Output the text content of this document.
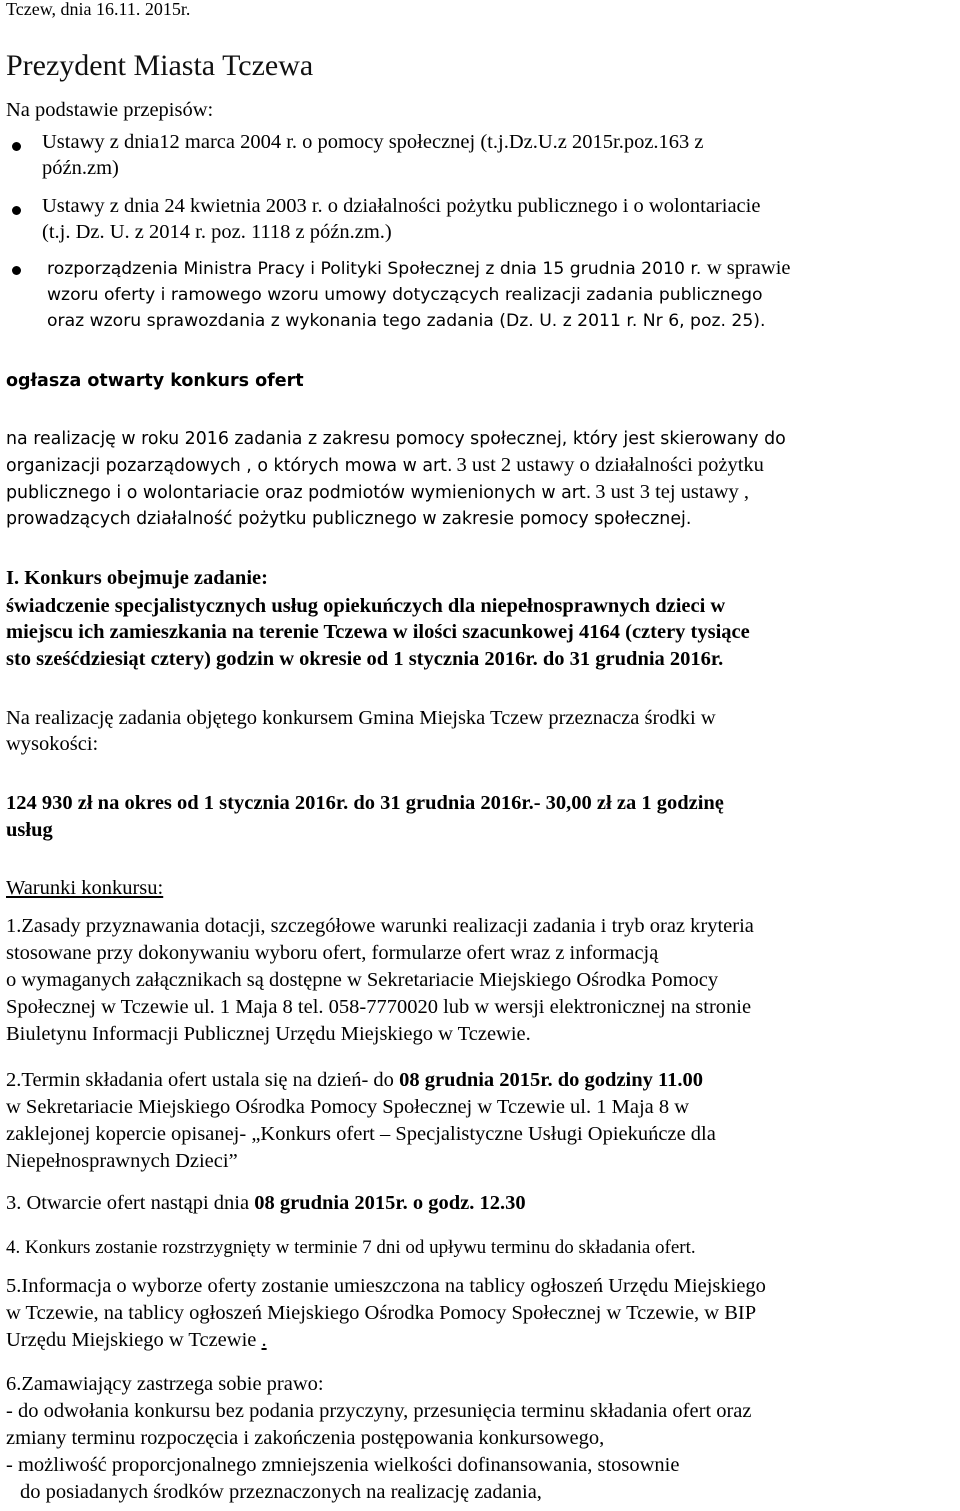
Tczew, dnia 16.11. 2015r.

Prezydent Miasta Tczewa

Na podstawie przepisów:

Ustawy z dnia12 marca 2004 r. o pomocy społecznej (t.j.Dz.U.z 2015r.poz.163 z

późn.zm)

Ustawy z dnia 24 kwietnia 2003 r. o działalności pożytku publicznego i o wolontariacie

(t.j. Dz. U. z 2014 r. poz. 1118 z późn.zm.)

rozporządzenia Ministra Pracy i Polityki Społecznej z dnia 15 grudnia 2010 r. w sprawie

wzoru oferty i ramowego wzoru umowy dotyczących realizacji zadania publicznego

oraz wzoru sprawozdania z wykonania tego zadania (Dz. U. z 2011 r. Nr 6, poz. 25).

ogłasza otwarty konkurs ofert

na realizację w roku 2016 zadania z zakresu pomocy społecznej, który jest skierowany do

organizacji pozarządowych , o których mowa w art. 3 ust 2 ustawy o działalności pożytku

publicznego i o wolontariacie oraz podmiotów wymienionych w art. 3 ust 3 tej ustawy ,

prowadzących działalność pożytku publicznego w zakresie pomocy społecznej.

I. Konkurs obejmuje zadanie:

świadczenie specjalistycznych usług opiekuńczych dla niepełnosprawnych dzieci w

miejscu ich zamieszkania na terenie Tczewa w ilości szacunkowej 4164 (cztery tysiące

sto sześćdziesiąt cztery) godzin w okresie od 1 stycznia 2016r. do 31 grudnia 2016r.

Na realizację zadania objętego konkursem Gmina Miejska Tczew przeznacza środki w

wysokości:

124 930 zł na okres od 1 stycznia 2016r. do 31 grudnia 2016r.- 30,00 zł za 1 godzinę

usług

Warunki konkursu:

1.Zasady przyznawania dotacji, szczegółowe warunki realizacji zadania i tryb oraz kryteria

stosowane przy dokonywaniu wyboru ofert, formularze ofert wraz z informacją

o wymaganych załącznikach są dostępne w Sekretariacie Miejskiego Ośrodka Pomocy

Społecznej w Tczewie ul. 1 Maja 8 tel. 058-7770020 lub w wersji elektronicznej na stronie

Biuletynu Informacji Publicznej Urzędu Miejskiego w Tczewie.

2.Termin składania ofert ustala się na dzień- do 08 grudnia 2015r. do godziny 11.00

w Sekretariacie Miejskiego Ośrodka Pomocy Społecznej w Tczewie ul. 1 Maja 8 w

zaklejonej kopercie opisanej- „Konkurs ofert – Specjalistyczne Usługi Opiekuńcze dla

Niepełnosprawnych Dzieci”

3. Otwarcie ofert nastąpi dnia 08 grudnia 2015r. o godz. 12.30

4. Konkurs zostanie rozstrzygnięty w terminie 7 dni od upływu terminu do składania ofert.

5.Informacja o wyborze oferty zostanie umieszczona na tablicy ogłoszeń Urzędu Miejskiego

w Tczewie, na tablicy ogłoszeń Miejskiego Ośrodka Pomocy Społecznej w Tczewie, w BIP

Urzędu Miejskiego w Tczewie .

6.Zamawiający zastrzega sobie prawo:

- do odwołania konkursu bez podania przyczyny, przesunięcia terminu składania ofert oraz

zmiany terminu rozpoczęcia i zakończenia postępowania konkursowego,

- możliwość proporcjonalnego zmniejszenia wielkości dofinansowania, stosownie

do posiadanych środków przeznaczonych na realizację zadania,
